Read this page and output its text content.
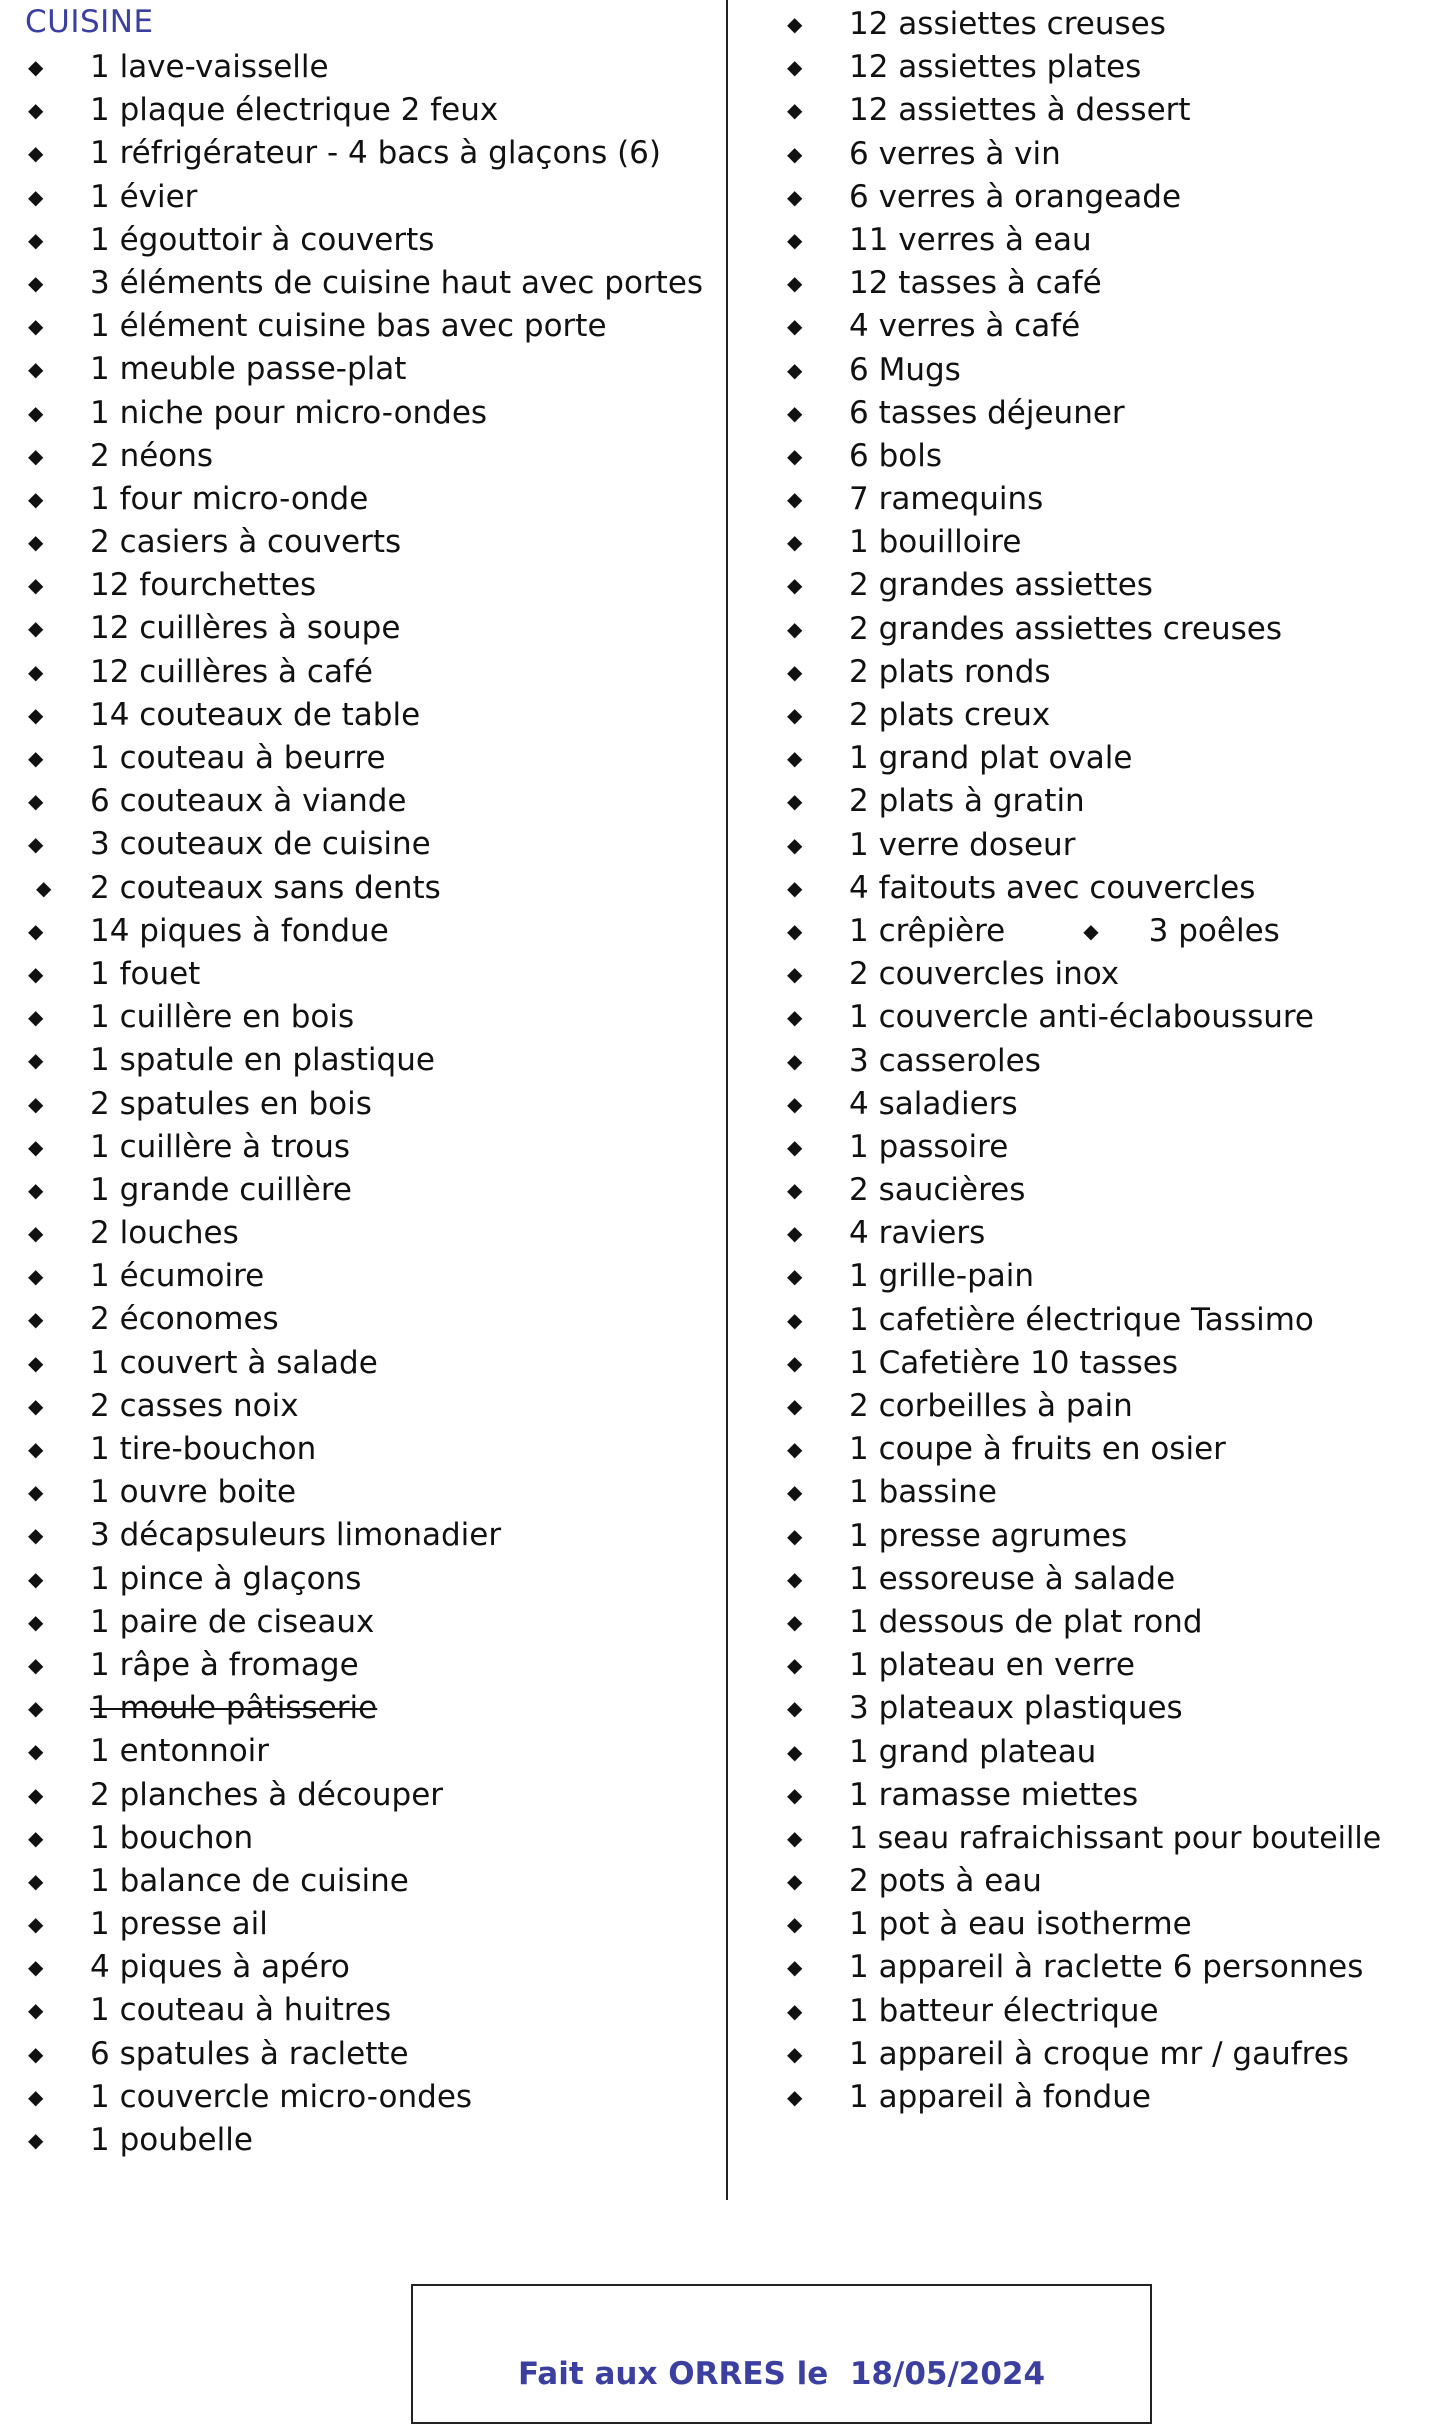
CUISINE
◆ 1 lave-vaisselle
◆ 1 plaque électrique 2 feux
◆ 1 réfrigérateur - 4 bacs à glaçons (6)
◆ 1 évier
◆ 1 égouttoir à couverts
◆ 3 éléments de cuisine haut avec portes
◆ 1 élément cuisine bas avec porte
◆ 1 meuble passe-plat
◆ 1 niche pour micro-ondes
◆ 2 néons
◆ 1 four micro-onde
◆ 2 casiers à couverts
◆ 12 fourchettes
◆ 12 cuillères à soupe
◆ 12 cuillères à café
◆ 14 couteaux de table
◆ 1 couteau à beurre
◆ 6 couteaux à viande
◆ 3 couteaux de cuisine
◆ 2 couteaux sans dents
◆ 14 piques à fondue
◆ 1 fouet
◆ 1 cuillère en bois
◆ 1 spatule en plastique
◆ 2 spatules en bois
◆ 1 cuillère à trous
◆ 1 grande cuillère
◆ 2 louches
◆ 1 écumoire
◆ 2 économes
◆ 1 couvert à salade
◆ 2 casses noix
◆ 1 tire-bouchon
◆ 1 ouvre boite
◆ 3 décapsuleurs limonadier
◆ 1 pince à glaçons
◆ 1 paire de ciseaux
◆ 1 râpe à fromage
◆ 1 moule pâtisserie
◆ 1 entonnoir
◆ 2 planches à découper
◆ 1 bouchon
◆ 1 balance de cuisine
◆ 1 presse ail
◆ 4 piques à apéro
◆ 1 couteau à huitres
◆ 6 spatules à raclette
◆ 1 couvercle micro-ondes
◆ 1 poubelle
◆ 12 assiettes creuses
◆ 12 assiettes plates
◆ 12 assiettes à dessert
◆ 6 verres à vin
◆ 6 verres à orangeade
◆ 11 verres à eau
◆ 12 tasses à café
◆ 4 verres à café
◆ 6 Mugs
◆ 6 tasses déjeuner
◆ 6 bols
◆ 7 ramequins
◆ 1 bouilloire
◆ 2 grandes assiettes
◆ 2 grandes assiettes creuses
◆ 2 plats ronds
◆ 2 plats creux
◆ 1 grand plat ovale
◆ 2 plats à gratin
◆ 1 verre doseur
◆ 4 faitouts avec couvercles
◆ 1 crêpière	◆ 3 poêles
◆ 2 couvercles inox
◆ 1 couvercle anti-éclaboussure
◆ 3 casseroles
◆ 4 saladiers
◆ 1 passoire
◆ 2 saucières
◆ 4 raviers
◆ 1 grille-pain
◆ 1 cafetière électrique Tassimo
◆ 1 Cafetière 10 tasses
◆ 2 corbeilles à pain
◆ 1 coupe à fruits en osier
◆ 1 bassine
◆ 1 presse agrumes
◆ 1 essoreuse à salade
◆ 1 dessous de plat rond
◆ 1 plateau en verre
◆ 3 plateaux plastiques
◆ 1 grand plateau
◆ 1 ramasse miettes
◆ 1 seau rafraichissant pour bouteille
◆ 2 pots à eau
◆ 1 pot à eau isotherme
◆ 1 appareil à raclette 6 personnes
◆ 1 batteur électrique
◆ 1 appareil à croque mr / gaufres
◆ 1 appareil à fondue
Fait aux ORRES le  18/05/2024
